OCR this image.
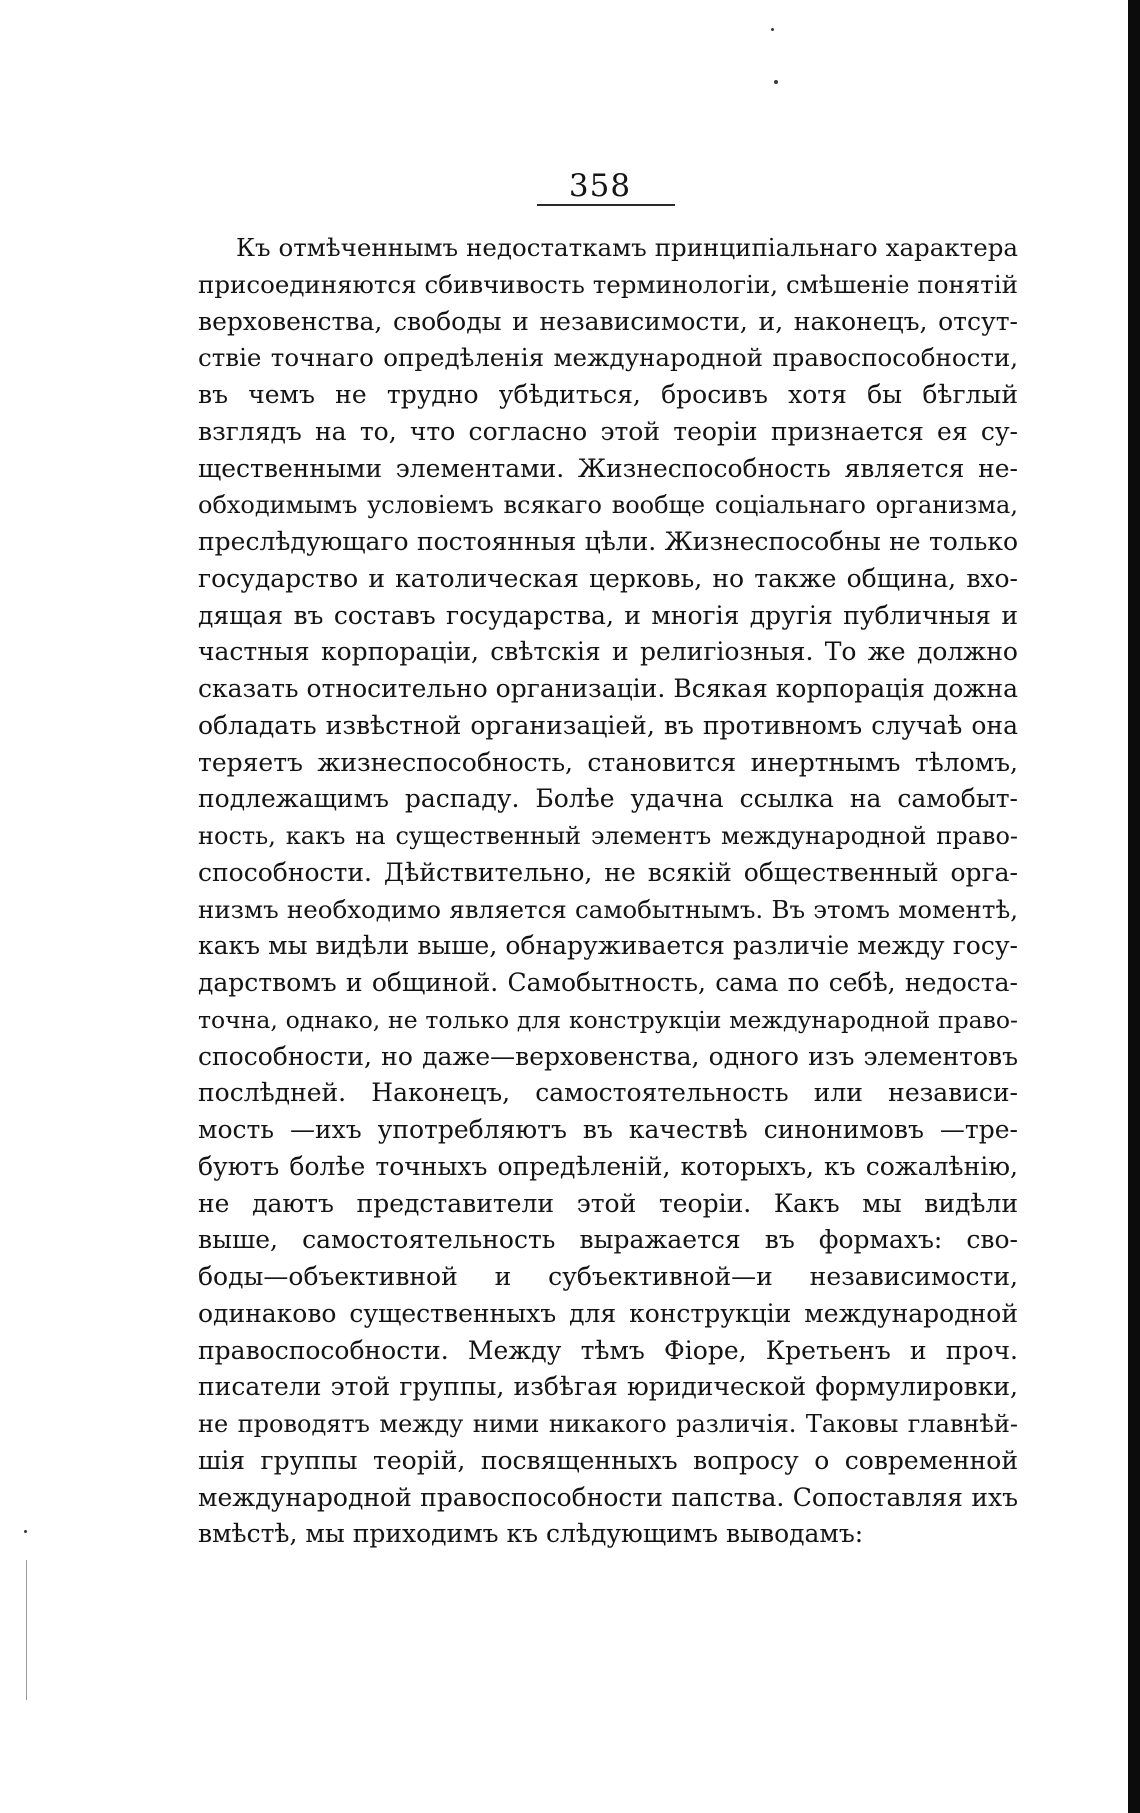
358
Къ отмѣченнымъ недостаткамъ принципіальнаго характера
присоединяются сбивчивость терминологіи, смѣшеніе понятій
верховенства, свободы и независимости, и, наконецъ, отсут-
ствіе точнаго опредѣленія международной правоспособности,
въ чемъ не трудно убѣдиться, бросивъ хотя бы бѣглый
взглядъ на то, что согласно этой теоріи признается ея су-
щественными элементами. Жизнеспособность является не-
обходимымъ условіемъ всякаго вообще соціальнаго организма,
преслѣдующаго постоянныя цѣли. Жизнеспособны не только
государство и католическая церковь, но также община, вхо-
дящая въ составъ государства, и многія другія публичныя и
частныя корпораціи, свѣтскія и религіозныя. То же должно
сказать относительно организаціи. Всякая корпорація дожна
обладать извѣстной организаціей, въ противномъ случаѣ она
теряетъ жизнеспособность, становится инертнымъ тѣломъ,
подлежащимъ распаду. Болѣе удачна ссылка на самобыт-
ность, какъ на существенный элементъ международной право-
способности. Дѣйствительно, не всякій общественный орга-
низмъ необходимо является самобытнымъ. Въ этомъ моментѣ,
какъ мы видѣли выше, обнаруживается различіе между госу-
дарствомъ и общиной. Самобытность, сама по себѣ, недоста-
точна, однако, не только для конструкціи международной право-
способности, но даже—верховенства, одного изъ элементовъ
послѣдней. Наконецъ, самостоятельность или независи-
мость —ихъ употребляютъ въ качествѣ синонимовъ —тре-
буютъ болѣе точныхъ опредѣленій, которыхъ, къ сожалѣнію,
не даютъ представители этой теоріи. Какъ мы видѣли
выше, самостоятельность выражается въ формахъ: сво-
боды—объективной и субъективной—и независимости,
одинаково существенныхъ для конструкціи международной
правоспособности. Между тѣмъ Фіоре, Кретьенъ и проч.
писатели этой группы, избѣгая юридической формулировки,
не проводятъ между ними никакого различія. Таковы главнѣй-
шія группы теорій, посвященныхъ вопросу о современной
международной правоспособности папства. Сопоставляя ихъ
вмѣстѣ, мы приходимъ къ слѣдующимъ выводамъ:
